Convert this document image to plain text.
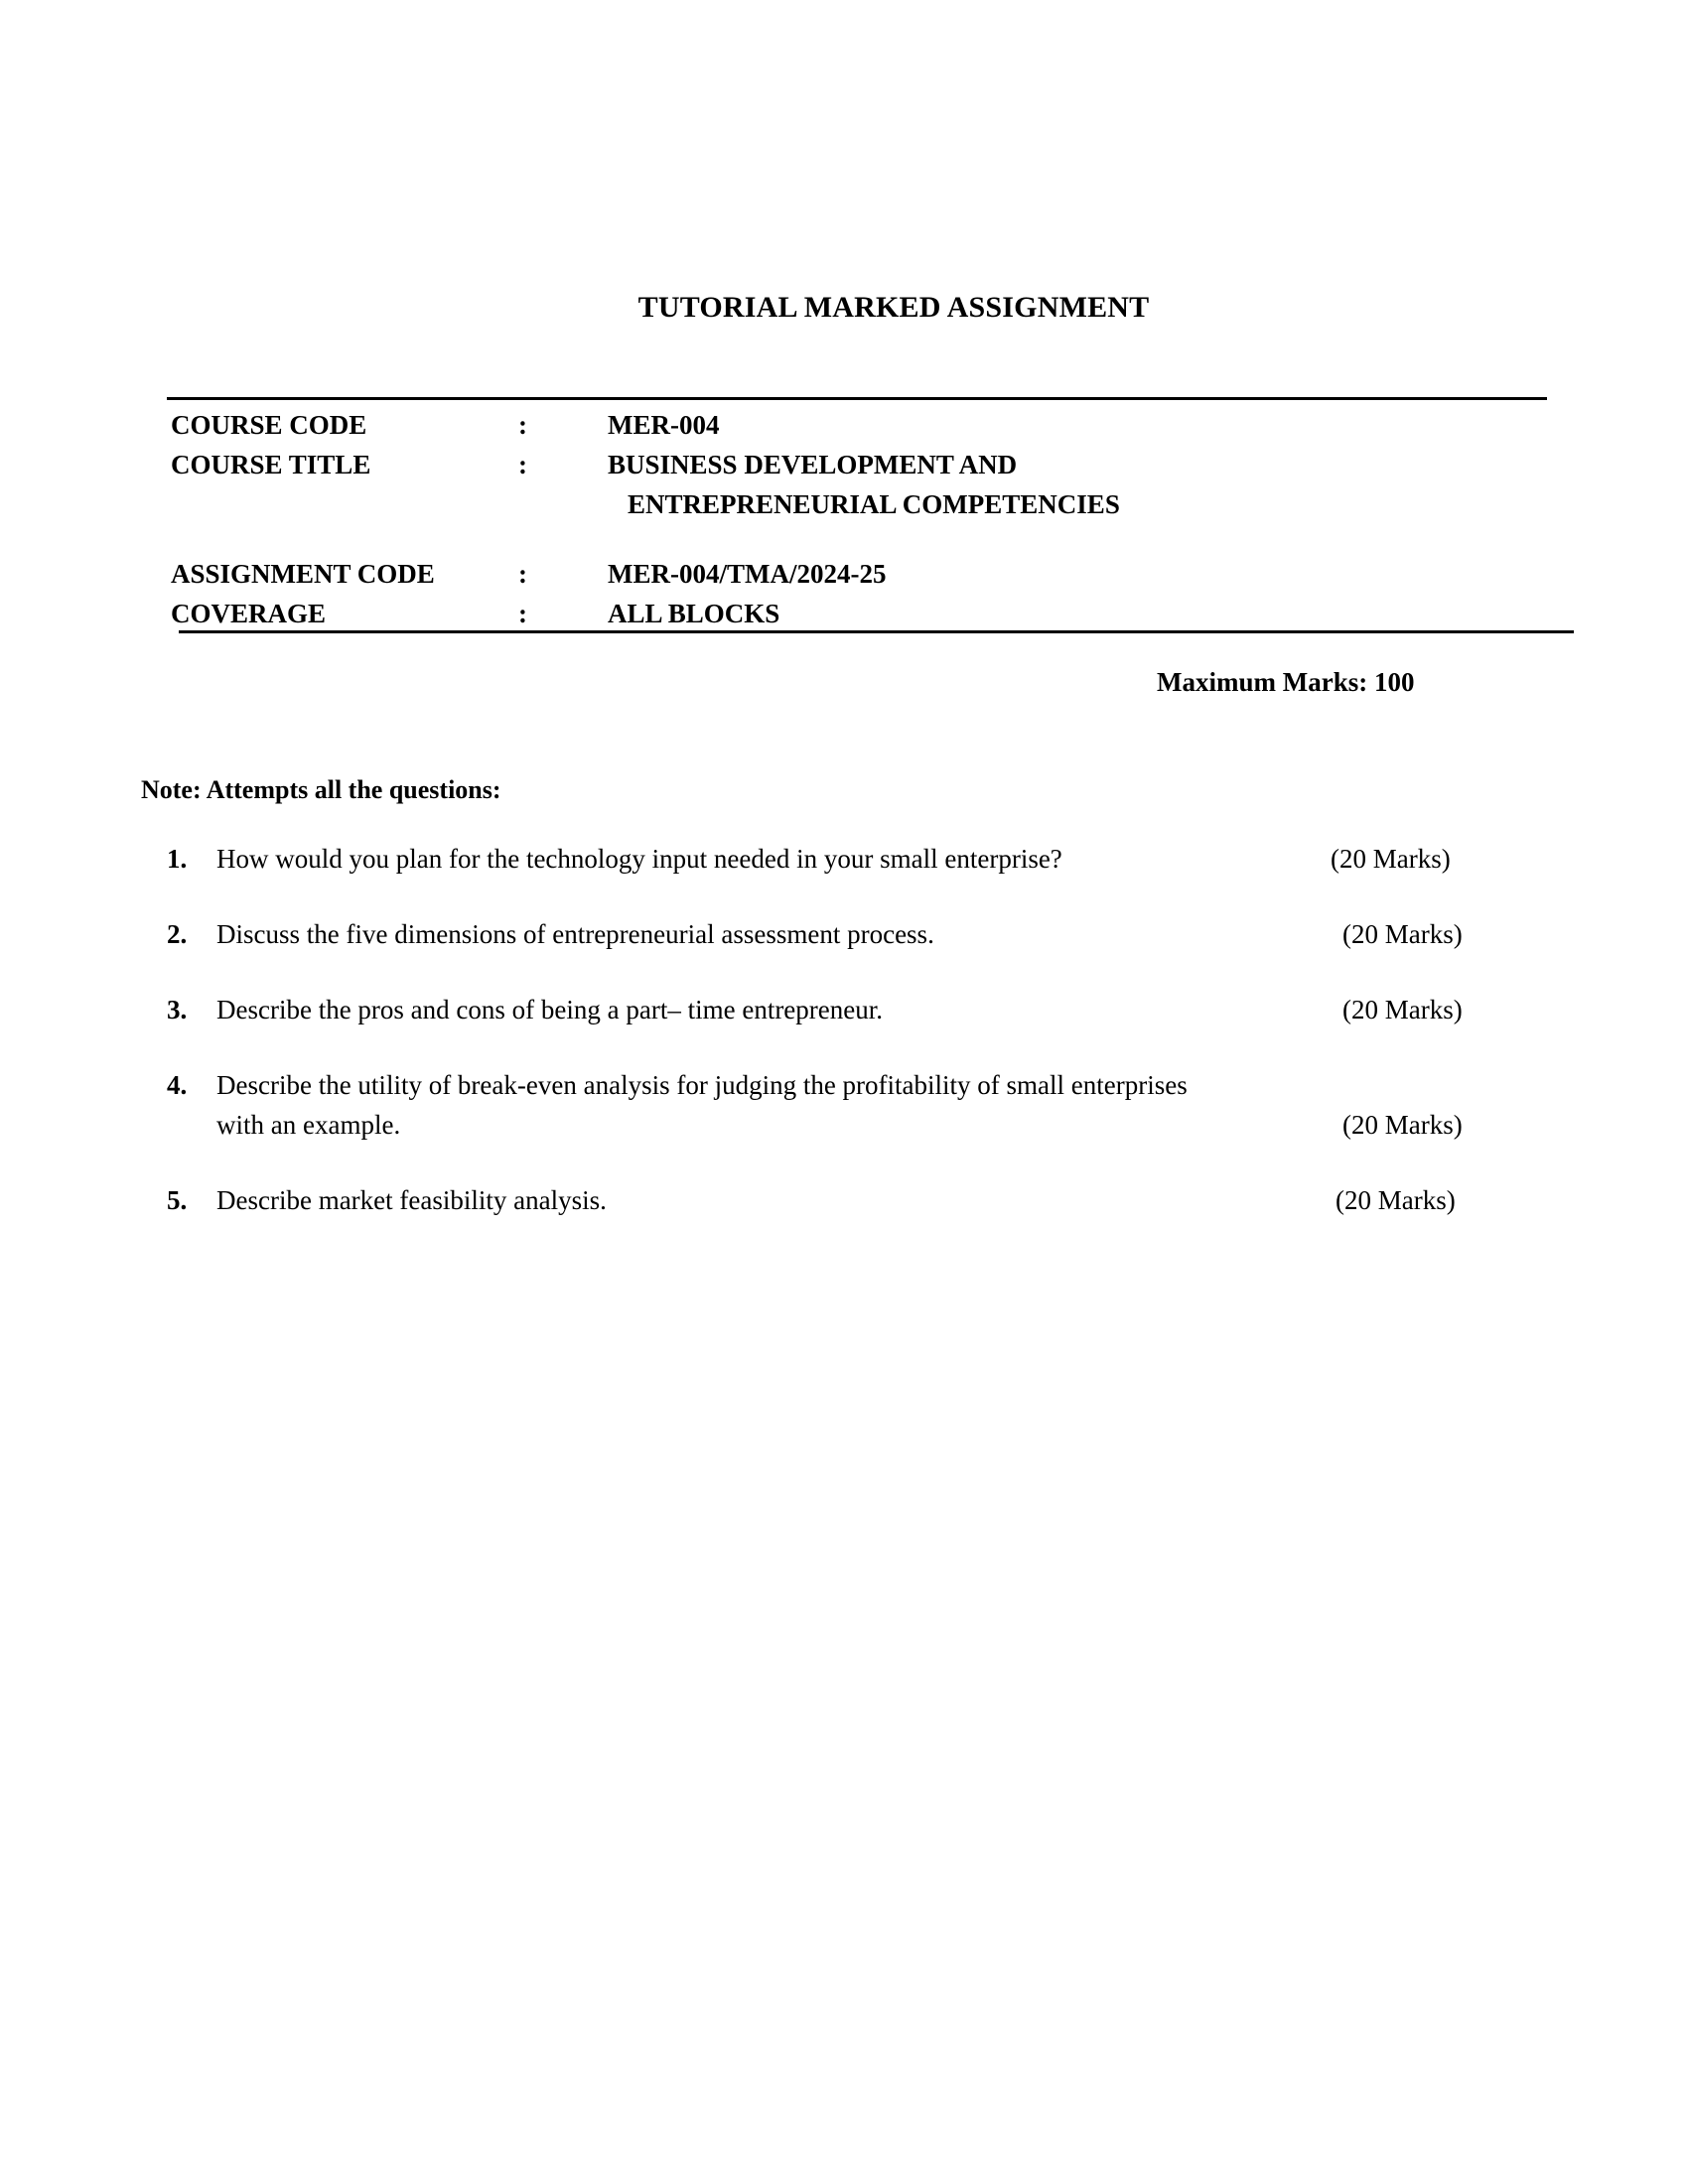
TUTORIAL MARKED ASSIGNMENT
COURSE CODE	:	MER-004
COURSE TITLE	:	BUSINESS DEVELOPMENT AND
ENTREPRENEURIAL COMPETENCIES
ASSIGNMENT CODE	:	MER-004/TMA/2024-25
COVERAGE	:	ALL BLOCKS
Maximum Marks: 100
Note: Attempts all the questions:
1.	How would you plan for the technology input needed in your small enterprise?	(20 Marks)
2.	Discuss the five dimensions of entrepreneurial assessment process.	(20 Marks)
3.	Describe the pros and cons of being a part– time entrepreneur.	(20 Marks)
4.	Describe the utility of break-even analysis for judging the profitability of small enterprises
with an example.	(20 Marks)
5.	Describe market feasibility analysis.	(20 Marks)
